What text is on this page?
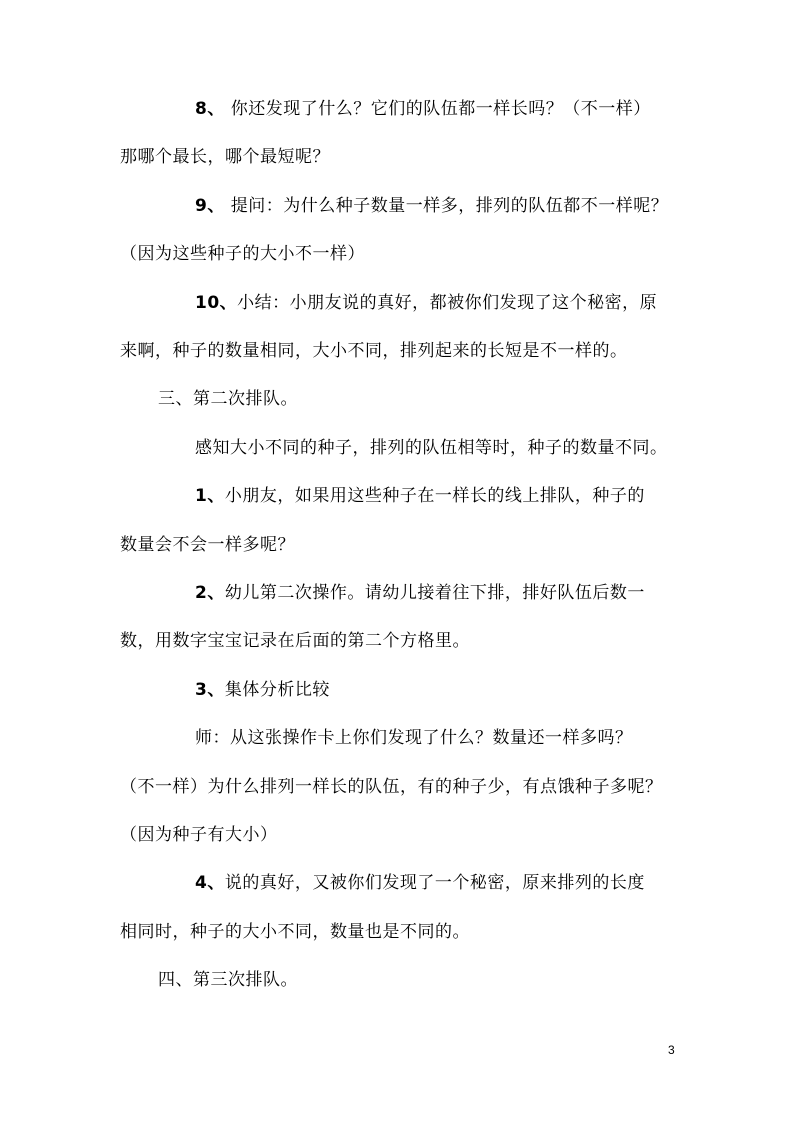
8、 你还发现了什么？它们的队伍都一样长吗？（不一样）
那哪个最长，哪个最短呢？
9、 提问：为什么种子数量一样多，排列的队伍都不一样呢？
（因为这些种子的大小不一样）
10、小结：小朋友说的真好，都被你们发现了这个秘密，原
来啊，种子的数量相同，大小不同，排列起来的长短是不一样的。
三、第二次排队。
感知大小不同的种子，排列的队伍相等时，种子的数量不同。
1、小朋友，如果用这些种子在一样长的线上排队，种子的
数量会不会一样多呢？
2、幼儿第二次操作。请幼儿接着往下排，排好队伍后数一
数，用数字宝宝记录在后面的第二个方格里。
3、集体分析比较
师：从这张操作卡上你们发现了什么？数量还一样多吗？
（不一样）为什么排列一样长的队伍，有的种子少，有点饿种子多呢？
（因为种子有大小）
4、说的真好，又被你们发现了一个秘密，原来排列的长度
相同时，种子的大小不同，数量也是不同的。
四、第三次排队。
3
